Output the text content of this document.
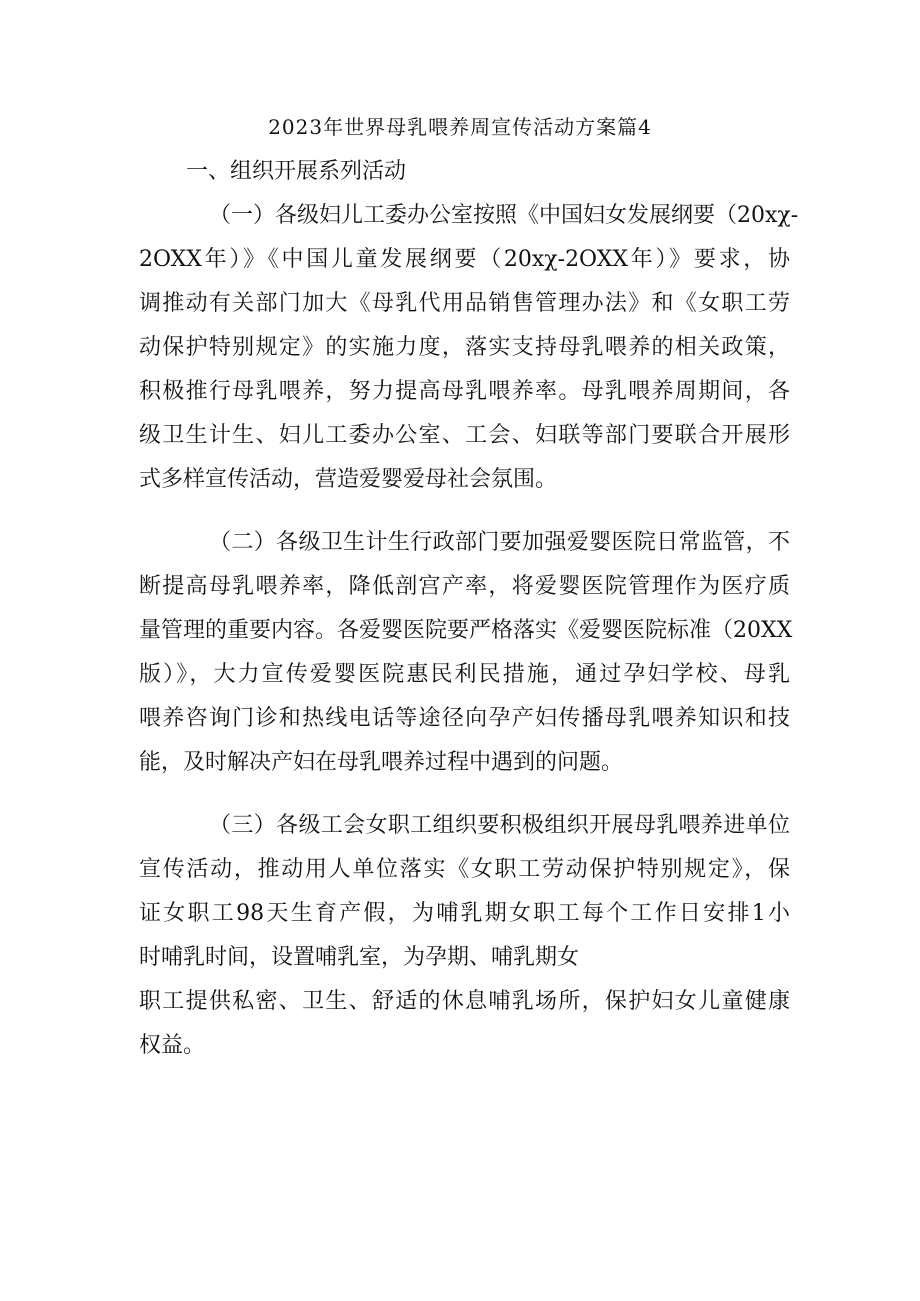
2023年世界母乳喂养周宣传活动方案篇4

一、组织开展系列活动

（一）各级妇儿工委办公室按照《中国妇女发展纲要（20xχ-

2OXX年）》《中国儿童发展纲要（20xχ-2OXX年）》要求，协

调推动有关部门加大《母乳代用品销售管理办法》和《女职工劳

动保护特别规定》的实施力度，落实支持母乳喂养的相关政策，

积极推行母乳喂养，努力提高母乳喂养率。母乳喂养周期间，各

级卫生计生、妇儿工委办公室、工会、妇联等部门要联合开展形

式多样宣传活动，营造爱婴爱母社会氛围。

（二）各级卫生计生行政部门要加强爱婴医院日常监管，不

断提高母乳喂养率，降低剖宫产率，将爱婴医院管理作为医疗质

量管理的重要内容。各爱婴医院要严格落实《爱婴医院标准（20XX

版）》，大力宣传爱婴医院惠民利民措施，通过孕妇学校、母乳

喂养咨询门诊和热线电话等途径向孕产妇传播母乳喂养知识和技

能，及时解决产妇在母乳喂养过程中遇到的问题。

（三）各级工会女职工组织要积极组织开展母乳喂养进单位

宣传活动，推动用人单位落实《女职工劳动保护特别规定》，保

证女职工98天生育产假，为哺乳期女职工每个工作日安排1小

时哺乳时间，设置哺乳室，为孕期、哺乳期女

职工提供私密、卫生、舒适的休息哺乳场所，保护妇女儿童健康

权益。
